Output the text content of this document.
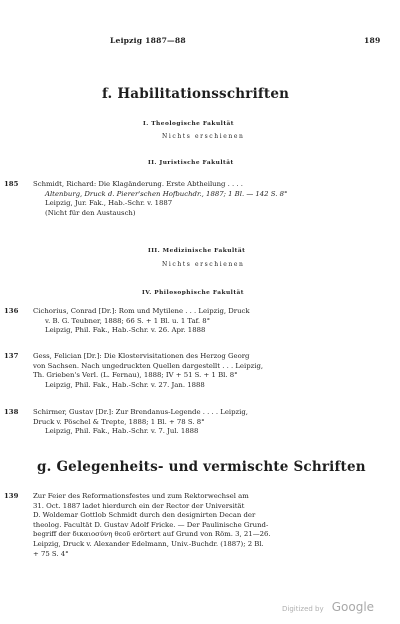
Leipzig 1887—88	189
f. Habilitationsschriften
I. Theologische Fakultät
Nichts erschienen
II. Juristische Fakultät
185 Schmidt, Richard: Die Klagänderung. Erste Abtheilung . . . .
Altenburg, Druck d. Pierer'schen Hofbuchdr., 1887; 1 Bl. — 142 S. 8°
Leipzig, Jur. Fak., Hab.-Schr. v. 1887
(Nicht für den Austausch)
III. Medizinische Fakultät
Nichts erschienen
IV. Philosophische Fakultät
136 Cichorius, Conrad [Dr.]: Rom und Mytilene . . . Leipzig, Druck
v. B. G. Teubner, 1888; 66 S. + 1 Bl. u. 1 Taf. 8°
Leipzig, Phil. Fak., Hab.-Schr. v. 26. Apr. 1888
137 Gess, Felician [Dr.]: Die Klostervisitationen des Herzog Georg
von Sachsen. Nach ungedruckten Quellen dargestellt . . . Leipzig,
Th. Grieben's Verl. (L. Fernau), 1888; IV + 51 S. + 1 Bl. 8°
Leipzig, Phil. Fak., Hab.-Schr. v. 27. Jan. 1888
138 Schirmer, Gustav [Dr.]: Zur Brendanus-Legende . . . . Leipzig,
Druck v. Pöschel & Trepte, 1888; 1 Bl. + 78 S. 8°
Leipzig, Phil. Fak., Hab.-Schr. v. 7. Jul. 1888
g. Gelegenheits- und vermischte Schriften
139 Zur Feier des Reformationsfestes und zum Rektorwechsel am
31. Oct. 1887 ladet hierdurch ein der Rector der Universität
D. Woldemar Gottlob Schmidt durch den designirten Decan der
theolog. Facultät D. Gustav Adolf Fricke. — Der Paulinische Grund-
begriff der δικαιοσύνη θεοῦ erörtert auf Grund von Röm. 3, 21—26.
Leipzig, Druck v. Alexander Edelmann, Univ.-Buchdr. (1887); 2 Bl.
+ 75 S. 4°
Digitized by Google
